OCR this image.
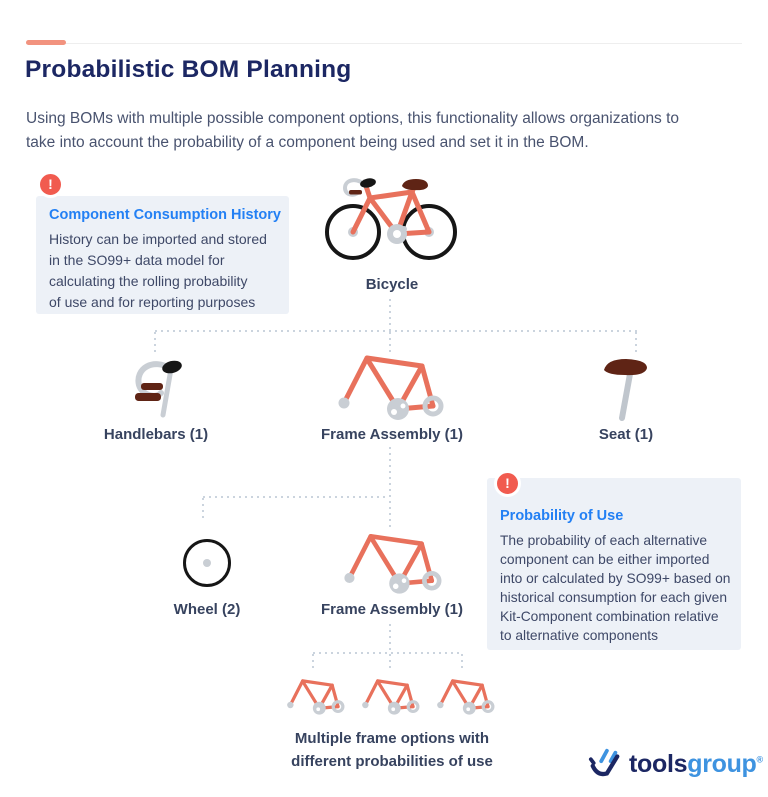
Probabilistic BOM Planning
Using BOMs with multiple possible component options, this functionality allows organizations to
take into account the probability of a component being used and set it in the BOM.
!
Component Consumption History
History can be imported and stored
in the SO99+ data model for
calculating the rolling probability
of use and for reporting purposes
Bicycle
Handlebars (1)	Frame Assembly (1)	Seat (1)
Wheel (2)	Frame Assembly (1)
!
Probability of Use
The probability of each alternative
component can be either imported
into or calculated by SO99+ based on
historical consumption for each given
Kit-Component combination relative
to alternative components
Multiple frame options with
different probabilities of use	toolsgroup®
